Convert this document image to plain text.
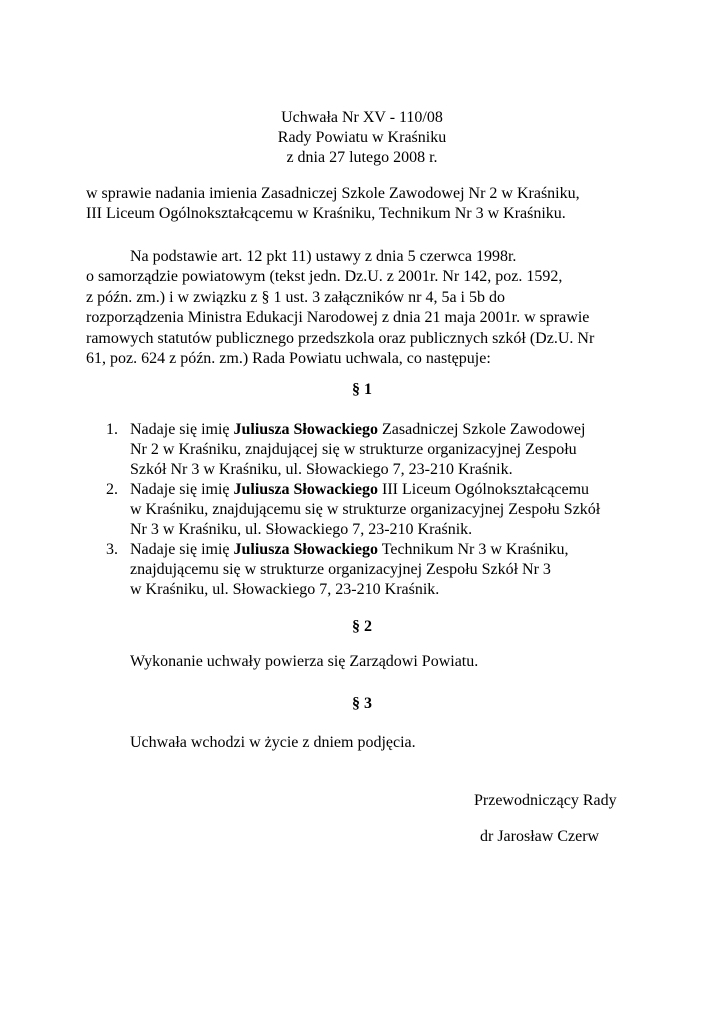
Uchwała Nr XV - 110/08
Rady Powiatu w Kraśniku
z dnia 27 lutego 2008 r.
w sprawie nadania imienia Zasadniczej Szkole Zawodowej Nr 2 w Kraśniku,
III Liceum Ogólnokształcącemu w Kraśniku, Technikum Nr 3 w Kraśniku.
Na podstawie art. 12 pkt 11) ustawy z dnia 5 czerwca 1998r.
o samorządzie powiatowym (tekst jedn. Dz.U. z 2001r. Nr 142, poz. 1592,
z późn. zm.) i w związku z § 1 ust. 3 załączników nr 4, 5a i 5b do
rozporządzenia Ministra Edukacji Narodowej z dnia 21 maja 2001r. w sprawie
ramowych statutów publicznego przedszkola oraz publicznych szkół (Dz.U. Nr
61, poz. 624 z późn. zm.) Rada Powiatu uchwala, co następuje:
§ 1
1. Nadaje się imię Juliusza Słowackiego Zasadniczej Szkole Zawodowej
Nr 2 w Kraśniku, znajdującej się w strukturze organizacyjnej Zespołu
Szkół Nr 3 w Kraśniku, ul. Słowackiego 7, 23-210 Kraśnik.
2. Nadaje się imię Juliusza Słowackiego III Liceum Ogólnokształcącemu
w Kraśniku, znajdującemu się w strukturze organizacyjnej Zespołu Szkół
Nr 3 w Kraśniku, ul. Słowackiego 7, 23-210 Kraśnik.
3. Nadaje się imię Juliusza Słowackiego Technikum Nr 3 w Kraśniku,
znajdującemu się w strukturze organizacyjnej Zespołu Szkół Nr 3
w Kraśniku, ul. Słowackiego 7, 23-210 Kraśnik.
§ 2
Wykonanie uchwały powierza się Zarządowi Powiatu.
§ 3
Uchwała wchodzi w życie z dniem podjęcia.
Przewodniczący Rady
dr Jarosław Czerw
